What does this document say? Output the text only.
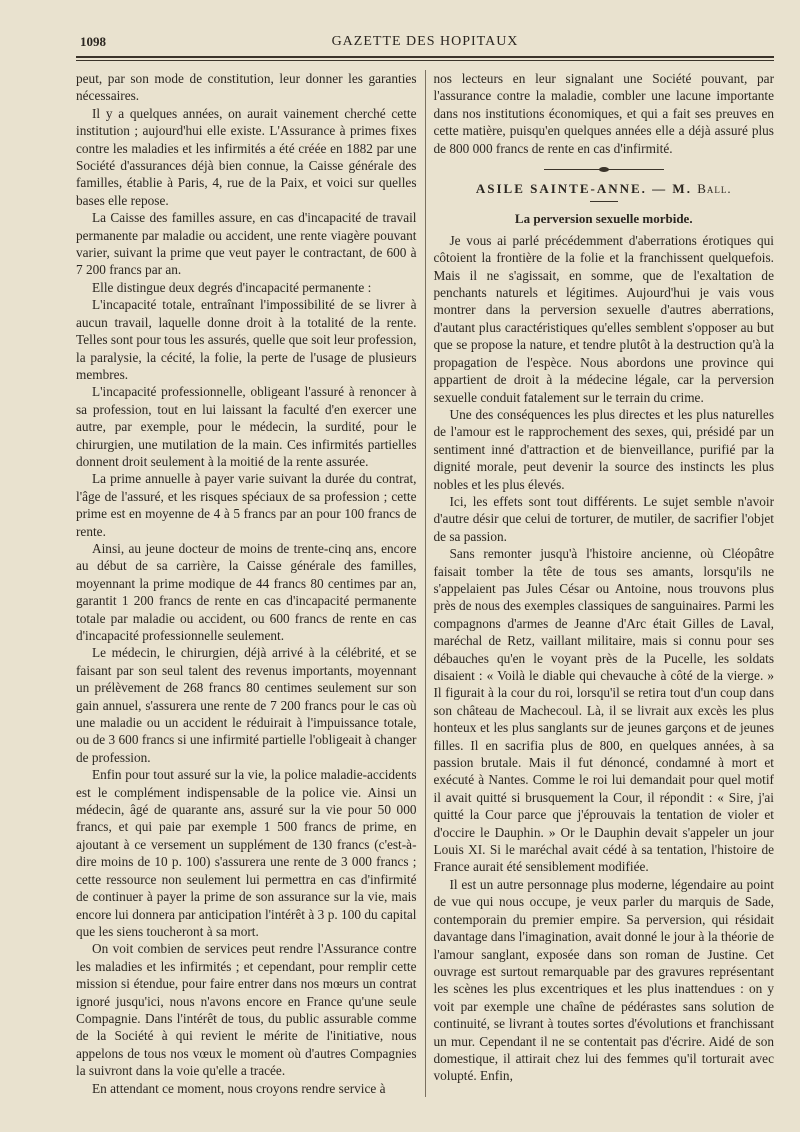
1098	GAZETTE DES HOPITAUX

peut, par son mode de constitution, leur donner les garanties nécessaires.

Il y a quelques années, on aurait vainement cherché cette institution ; aujourd'hui elle existe. L'Assurance à primes fixes contre les maladies et les infirmités a été créée en 1882 par une Société d'assurances déjà bien connue, la Caisse générale des familles, établie à Paris, 4, rue de la Paix, et voici sur quelles bases elle repose.

La Caisse des familles assure, en cas d'incapacité de travail permanente par maladie ou accident, une rente viagère pouvant varier, suivant la prime que veut payer le contractant, de 600 à 7 200 francs par an.

Elle distingue deux degrés d'incapacité permanente :

L'incapacité totale, entraînant l'impossibilité de se livrer à aucun travail, laquelle donne droit à la totalité de la rente. Telles sont pour tous les assurés, quelle que soit leur profession, la paralysie, la cécité, la folie, la perte de l'usage de plusieurs membres.

L'incapacité professionnelle, obligeant l'assuré à renoncer à sa profession, tout en lui laissant la faculté d'en exercer une autre, par exemple, pour le médecin, la surdité, pour le chirurgien, une mutilation de la main. Ces infirmités partielles donnent droit seulement à la moitié de la rente assurée.

La prime annuelle à payer varie suivant la durée du contrat, l'âge de l'assuré, et les risques spéciaux de sa profession ; cette prime est en moyenne de 4 à 5 francs par an pour 100 francs de rente.

Ainsi, au jeune docteur de moins de trente-cinq ans, encore au début de sa carrière, la Caisse générale des familles, moyennant la prime modique de 44 francs 80 centimes par an, garantit 1 200 francs de rente en cas d'incapacité permanente totale par maladie ou accident, ou 600 francs de rente en cas d'incapacité professionnelle seulement.

Le médecin, le chirurgien, déjà arrivé à la célébrité, et se faisant par son seul talent des revenus importants, moyennant un prélèvement de 268 francs 80 centimes seulement sur son gain annuel, s'assurera une rente de 7 200 francs pour le cas où une maladie ou un accident le réduirait à l'impuissance totale, ou de 3 600 francs si une infirmité partielle l'obligeait à changer de profession.

Enfin pour tout assuré sur la vie, la police maladie-accidents est le complément indispensable de la police vie. Ainsi un médecin, âgé de quarante ans, assuré sur la vie pour 50 000 francs, et qui paie par exemple 1 500 francs de prime, en ajoutant à ce versement un supplément de 130 francs (c'est-à-dire moins de 10 p. 100) s'assurera une rente de 3 000 francs ; cette ressource non seulement lui permettra en cas d'infirmité de continuer à payer la prime de son assurance sur la vie, mais encore lui donnera par anticipation l'intérêt à 3 p. 100 du capital que les siens toucheront à sa mort.

On voit combien de services peut rendre l'Assurance contre les maladies et les infirmités ; et cependant, pour remplir cette mission si étendue, pour faire entrer dans nos mœurs un contrat ignoré jusqu'ici, nous n'avons encore en France qu'une seule Compagnie. Dans l'intérêt de tous, du public assurable comme de la Société à qui revient le mérite de l'initiative, nous appelons de tous nos vœux le moment où d'autres Compagnies la suivront dans la voie qu'elle a tracée.

En attendant ce moment, nous croyons rendre service à

nos lecteurs en leur signalant une Société pouvant, par l'assurance contre la maladie, combler une lacune importante dans nos institutions économiques, et qui a fait ses preuves en cette matière, puisqu'en quelques années elle a déjà assuré plus de 800 000 francs de rente en cas d'infirmité.

ASILE SAINTE-ANNE. — M. Ball.
La perversion sexuelle morbide.

Je vous ai parlé précédemment d'aberrations érotiques qui côtoient la frontière de la folie et la franchissent quelquefois. Mais il ne s'agissait, en somme, que de l'exaltation de penchants naturels et légitimes. Aujourd'hui je vais vous montrer dans la perversion sexuelle d'autres aberrations, d'autant plus caractéristiques qu'elles semblent s'opposer au but que se propose la nature, et tendre plutôt à la destruction qu'à la propagation de l'espèce. Nous abordons une province qui appartient de droit à la médecine légale, car la perversion sexuelle conduit fatalement sur le terrain du crime.

Une des conséquences les plus directes et les plus naturelles de l'amour est le rapprochement des sexes, qui, présidé par un sentiment inné d'attraction et de bienveillance, purifié par la dignité morale, peut devenir la source des instincts les plus nobles et les plus élevés.

Ici, les effets sont tout différents. Le sujet semble n'avoir d'autre désir que celui de torturer, de mutiler, de sacrifier l'objet de sa passion.

Sans remonter jusqu'à l'histoire ancienne, où Cléopâtre faisait tomber la tête de tous ses amants, lorsqu'ils ne s'appelaient pas Jules César ou Antoine, nous trouvons plus près de nous des exemples classiques de sanguinaires. Parmi les compagnons d'armes de Jeanne d'Arc était Gilles de Laval, maréchal de Retz, vaillant militaire, mais si connu pour ses débauches qu'en le voyant près de la Pucelle, les soldats disaient : « Voilà le diable qui chevauche à côté de la vierge. » Il figurait à la cour du roi, lorsqu'il se retira tout d'un coup dans son château de Machecoul. Là, il se livrait aux excès les plus honteux et les plus sanglants sur de jeunes garçons et de jeunes filles. Il en sacrifia plus de 800, en quelques années, à sa passion brutale. Mais il fut dénoncé, condamné à mort et exécuté à Nantes. Comme le roi lui demandait pour quel motif il avait quitté si brusquement la Cour, il répondit : « Sire, j'ai quitté la Cour parce que j'éprouvais la tentation de violer et d'occire le Dauphin. » Or le Dauphin devait s'appeler un jour Louis XI. Si le maréchal avait cédé à sa tentation, l'histoire de France aurait été sensiblement modifiée.

Il est un autre personnage plus moderne, légendaire au point de vue qui nous occupe, je veux parler du marquis de Sade, contemporain du premier empire. Sa perversion, qui résidait davantage dans l'imagination, avait donné le jour à la théorie de l'amour sanglant, exposée dans son roman de Justine. Cet ouvrage est surtout remarquable par des gravures représentant les scènes les plus excentriques et les plus inattendues : on y voit par exemple une chaîne de pédérastes sans solution de continuité, se livrant à toutes sortes d'évolutions et franchissant un mur. Cependant il ne se contentait pas d'écrire. Aidé de son domestique, il attirait chez lui des femmes qu'il torturait avec volupté. Enfin,
